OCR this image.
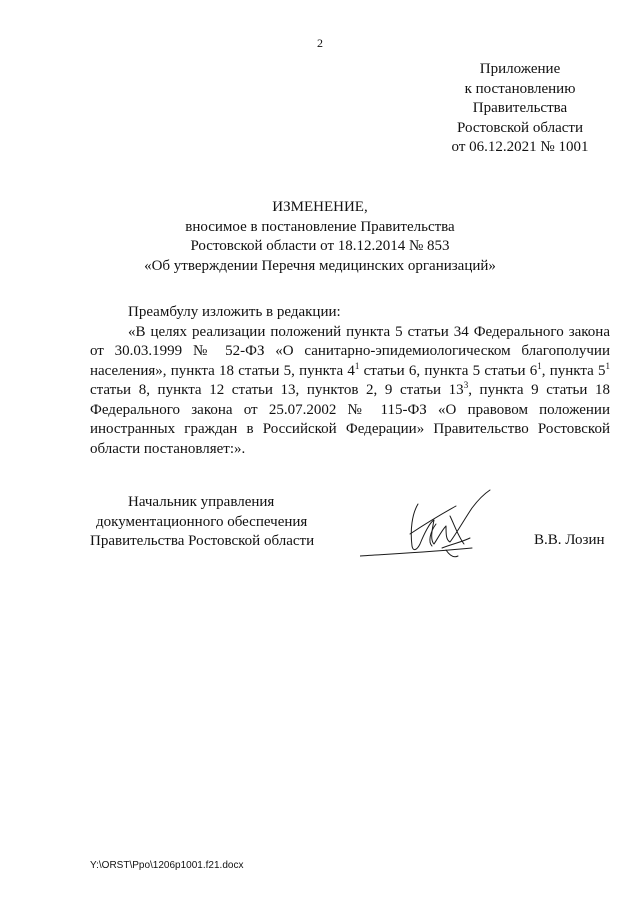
2
Приложение
к постановлению
Правительства
Ростовской области
от 06.12.2021 № 1001
ИЗМЕНЕНИЕ,
вносимое в постановление Правительства
Ростовской области от 18.12.2014 № 853
«Об утверждении Перечня медицинских организаций»

Преамбулу изложить в редакции:

«В целях реализации положений пункта 5 статьи 34 Федерального закона от 30.03.1999 № 52-ФЗ «О санитарно-эпидемиологическом благополучии населения», пункта 18 статьи 5, пункта $4^1$ статьи 6, пункта 5 статьи $6^1$, пункта $5^1$ статьи 8, пункта 12 статьи 13, пунктов 2, 9 статьи $13^3$, пункта 9 статьи 18 Федерального закона от 25.07.2002 № 115-ФЗ «О правовом положении иностранных граждан в Российской Федерации» Правительство Ростовской области постановляет:».

Начальник управления
документационного обеспечения
Правительства Ростовской области	В.В. Лозин
Y:\ORST\Ppo\1206p1001.f21.docx
